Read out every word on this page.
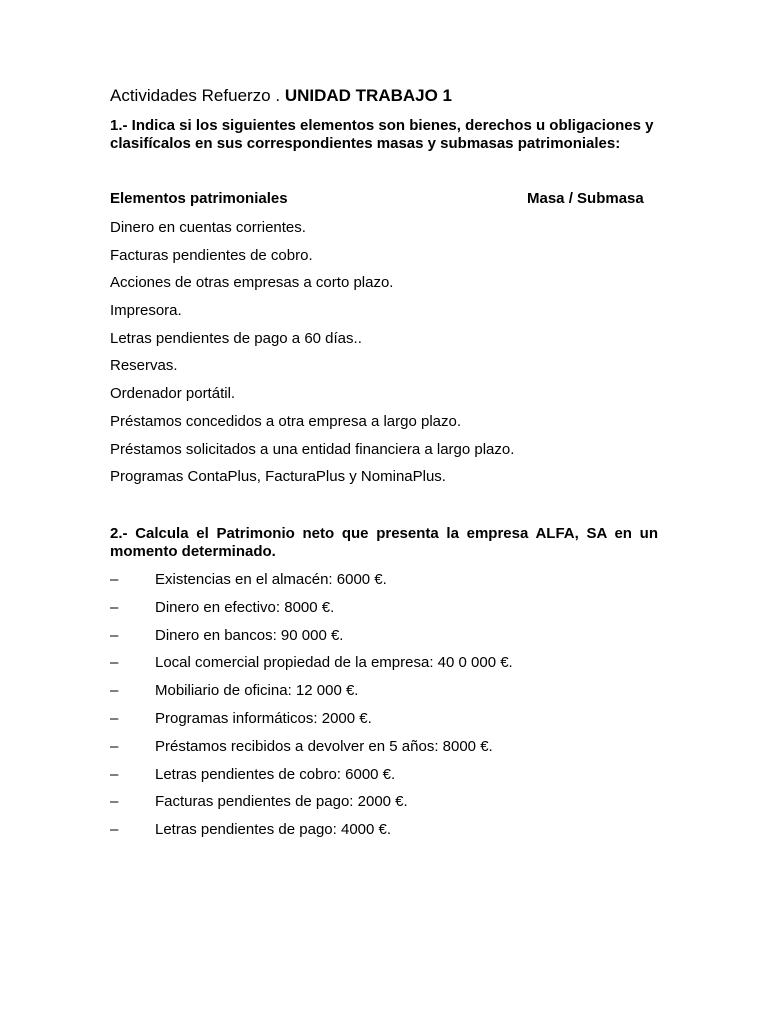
Actividades Refuerzo . UNIDAD TRABAJO 1
1.- Indica si los siguientes elementos son bienes, derechos u obligaciones y clasifícalos en sus correspondientes masas y submasas patrimoniales:
Elementos patrimoniales	Masa / Submasa
Dinero en cuentas corrientes.
Facturas pendientes de cobro.
Acciones de otras empresas a corto plazo.
Impresora.
Letras pendientes de pago a 60 días..
Reservas.
Ordenador portátil.
Préstamos concedidos a otra empresa a largo plazo.
Préstamos solicitados a una entidad financiera a largo plazo.
Programas ContaPlus, FacturaPlus y NominaPlus.
2.- Calcula el Patrimonio neto que presenta la empresa ALFA, SA en un momento determinado.
– Existencias en el almacén: 6000 €.
– Dinero en efectivo: 8000 €.
– Dinero en bancos: 90 000 €.
– Local comercial propiedad de la empresa: 40 0 000 €.
– Mobiliario de oficina: 12 000 €.
– Programas informáticos: 2000 €.
– Préstamos recibidos a devolver en 5 años: 8000 €.
– Letras pendientes de cobro: 6000 €.
– Facturas pendientes de pago: 2000 €.
– Letras pendientes de pago: 4000 €.
